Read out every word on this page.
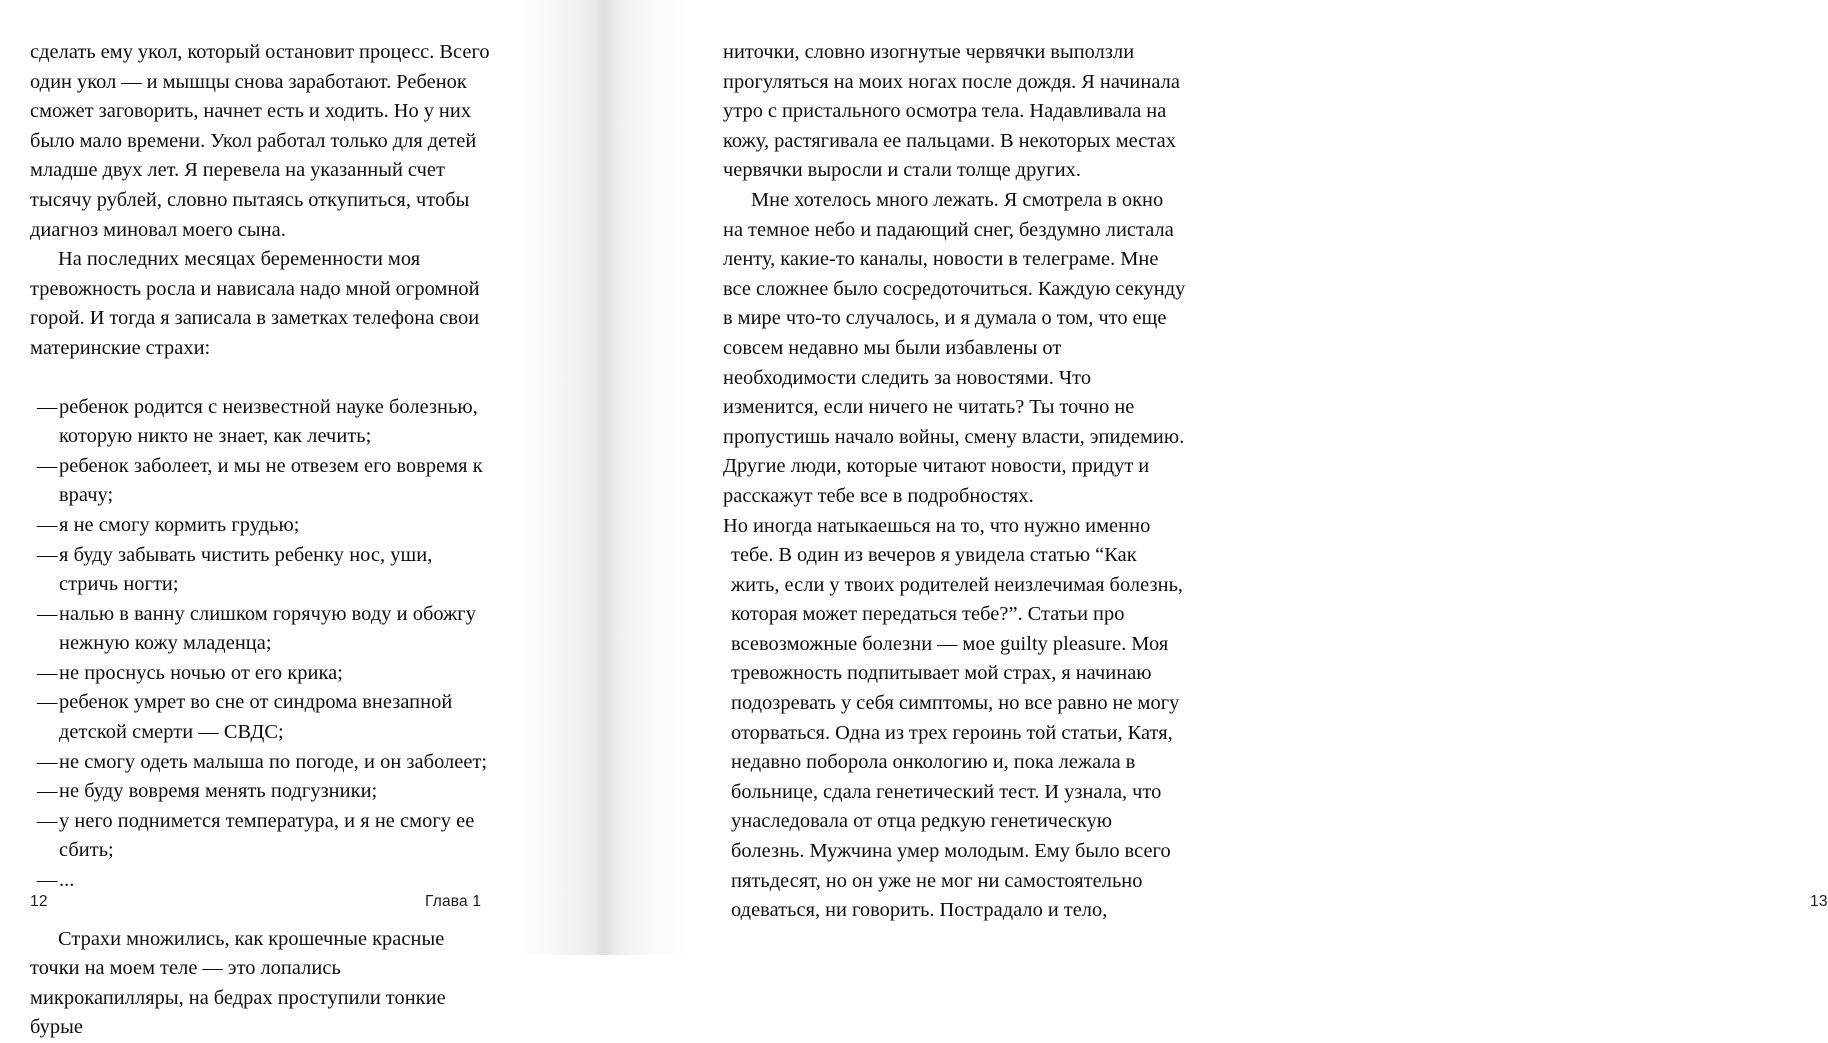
сделать ему укол, который остановит процесс. Всего один укол — и мышцы снова заработают. Ребенок сможет заговорить, начнет есть и ходить. Но у них было мало времени. Укол работал только для детей младше двух лет. Я перевела на указанный счет тысячу рублей, словно пытаясь откупиться, чтобы диагноз миновал моего сына.

На последних месяцах беременности моя тревожность росла и нависала надо мной огромной горой. И тогда я записала в заметках телефона свои материнские страхи:

— ребенок родится с неизвестной науке болезнью, которую никто не знает, как лечить;
— ребенок заболеет, и мы не отвезем его вовремя к врачу;
— я не смогу кормить грудью;
— я буду забывать чистить ребенку нос, уши, стричь ногти;
— налью в ванну слишком горячую воду и обожгу нежную кожу младенца;
— не проснусь ночью от его крика;
— ребенок умрет во сне от синдрома внезапной детской смерти — СВДС;
— не смогу одеть малыша по погоде, и он заболеет;
— не буду вовремя менять подгузники;
— у него поднимется температура, и я не смогу ее сбить;
— ...

Страхи множились, как крошечные красные точки на моем теле — это лопались микрокапилляры, на бедрах проступили тонкие бурые

12	Глава 1

ниточки, словно изогнутые червячки выползли прогуляться на моих ногах после дождя. Я начинала утро с пристального осмотра тела. Надавливала на кожу, растягивала ее пальцами. В некоторых местах червячки выросли и стали толще других.

Мне хотелось много лежать. Я смотрела в окно на темное небо и падающий снег, бездумно листала ленту, какие-то каналы, новости в телеграме. Мне все сложнее было сосредоточиться. Каждую секунду в мире что-то случалось, и я думала о том, что еще совсем недавно мы были избавлены от необходимости следить за новостями. Что изменится, если ничего не читать? Ты точно не пропустишь начало войны, смену власти, эпидемию. Другие люди, которые читают новости, придут и расскажут тебе все в подробностях.

Но иногда натыкаешься на то, что нужно именно тебе. В один из вечеров я увидела статью “Как жить, если у твоих родителей неизлечимая болезнь, которая может передаться тебе?”. Статьи про всевозможные болезни — мое guilty pleasure. Моя тревожность подпитывает мой страх, я начинаю подозревать у себя симптомы, но все равно не могу оторваться. Одна из трех героинь той статьи, Катя, недавно поборола онкологию и, пока лежала в больнице, сдала генетический тест. И узнала, что унаследовала от отца редкую генетическую болезнь. Мужчина умер молодым. Ему было всего пятьдесят, но он уже не мог ни самостоятельно одеваться, ни говорить. Пострадало и тело,	13
